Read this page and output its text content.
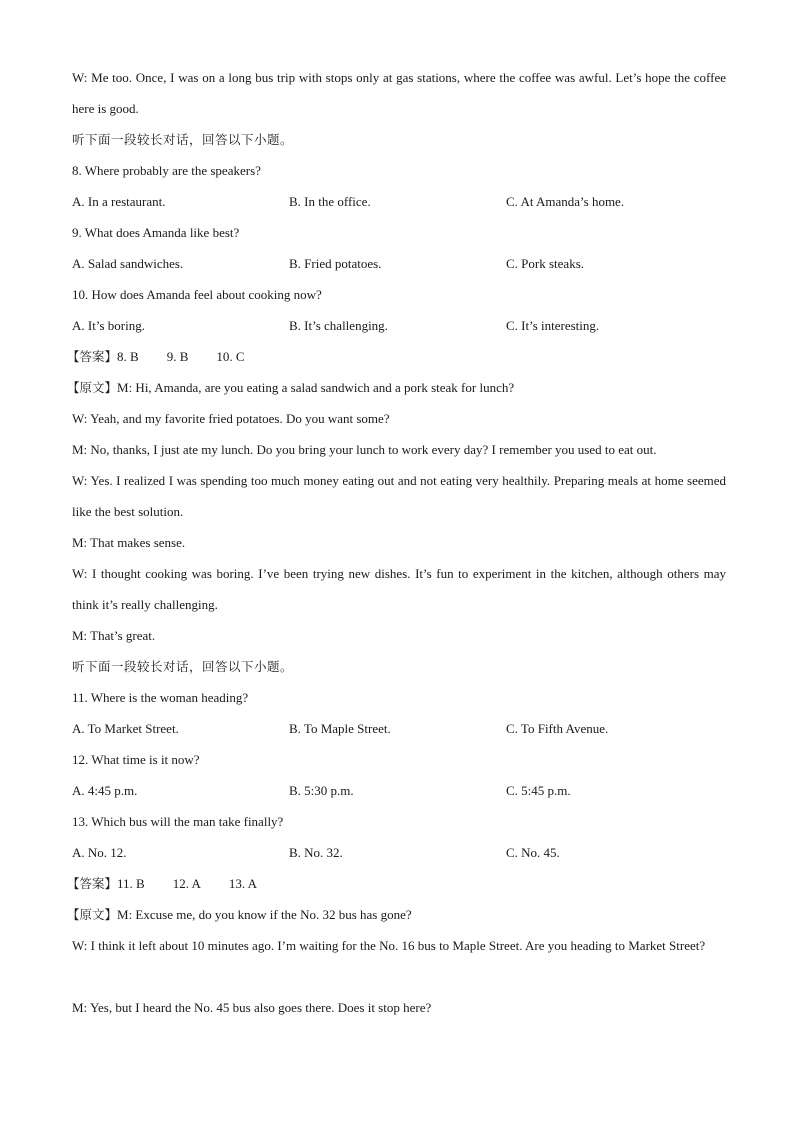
W: Me too. Once, I was on a long bus trip with stops only at gas stations, where the coffee was awful. Let’s hope the coffee here is good.
听下面一段较长对话，回答以下小题。
8. Where probably are the speakers?
A. In a restaurant.	B. In the office.	C. At Amanda’s home.
9. What does Amanda like best?
A. Salad sandwiches.	B. Fried potatoes.	C. Pork steaks.
10. How does Amanda feel about cooking now?
A. It’s boring.	B. It’s challenging.	C. It’s interesting.
【答案】8. B 9. B 10. C
【原文】M: Hi, Amanda, are you eating a salad sandwich and a pork steak for lunch?
W: Yeah, and my favorite fried potatoes. Do you want some?
M: No, thanks, I just ate my lunch. Do you bring your lunch to work every day? I remember you used to eat out.
W: Yes. I realized I was spending too much money eating out and not eating very healthily. Preparing meals at home seemed like the best solution.
M: That makes sense.
W: I thought cooking was boring. I’ve been trying new dishes. It’s fun to experiment in the kitchen, although others may think it’s really challenging.
M: That’s great.
听下面一段较长对话，回答以下小题。
11. Where is the woman heading?
A. To Market Street.	B. To Maple Street.	C. To Fifth Avenue.
12. What time is it now?
A. 4:45 p.m.	B. 5:30 p.m.	C. 5:45 p.m.
13. Which bus will the man take finally?
A. No. 12.	B. No. 32.	C. No. 45.
【答案】11. B 12. A 13. A
【原文】M: Excuse me, do you know if the No. 32 bus has gone?
W: I think it left about 10 minutes ago. I’m waiting for the No. 16 bus to Maple Street. Are you heading to Market Street?
M: Yes, but I heard the No. 45 bus also goes there. Does it stop here?
